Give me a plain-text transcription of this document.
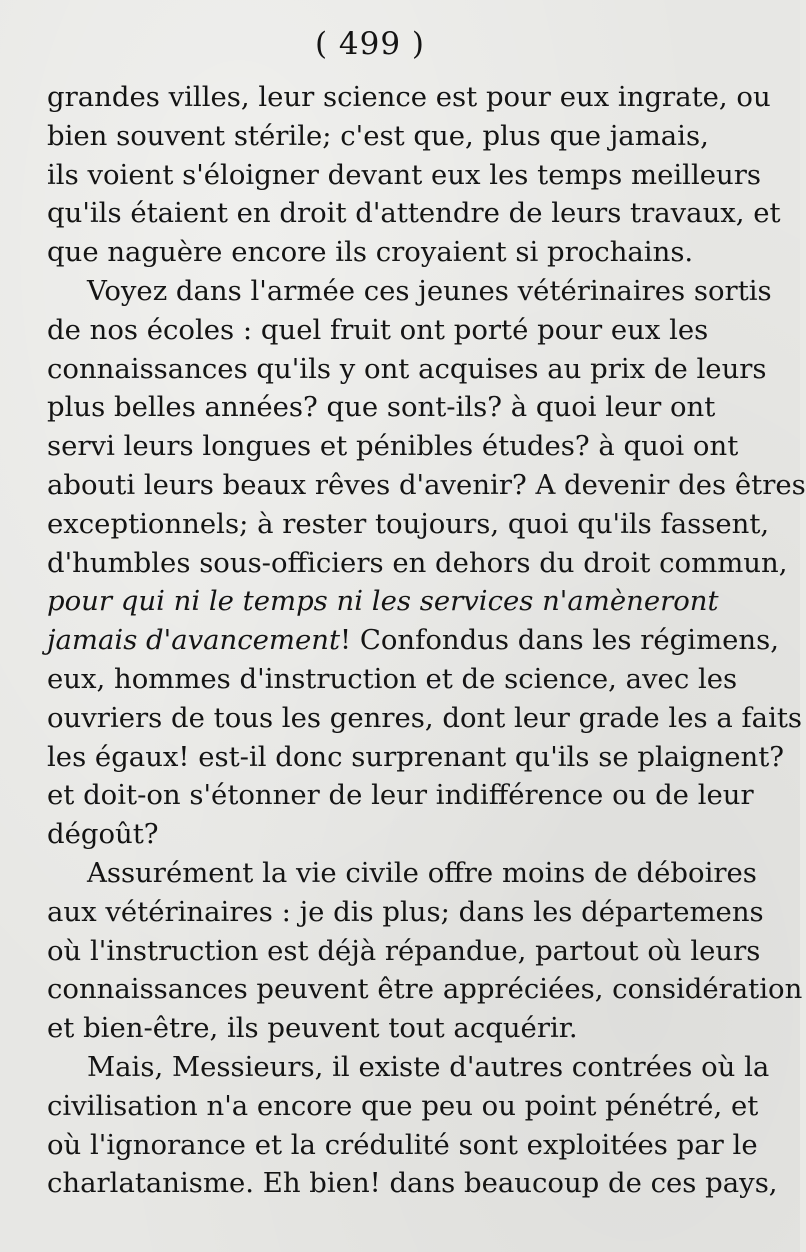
( 499 )
grandes villes, leur science est pour eux ingrate, ou
bien souvent stérile; c'est que, plus que jamais,
ils voient s'éloigner devant eux les temps meilleurs
qu'ils étaient en droit d'attendre de leurs travaux, et
que naguère encore ils croyaient si prochains.
Voyez dans l'armée ces jeunes vétérinaires sortis
de nos écoles : quel fruit ont porté pour eux les
connaissances qu'ils y ont acquises au prix de leurs
plus belles années? que sont-ils? à quoi leur ont
servi leurs longues et pénibles études? à quoi ont
abouti leurs beaux rêves d'avenir? A devenir des êtres
exceptionnels; à rester toujours, quoi qu'ils fassent,
d'humbles sous-officiers en dehors du droit commun,
pour qui ni le temps ni les services n'amèneront
jamais d'avancement! Confondus dans les régimens,
eux, hommes d'instruction et de science, avec les
ouvriers de tous les genres, dont leur grade les a faits
les égaux! est-il donc surprenant qu'ils se plaignent?
et doit-on s'étonner de leur indifférence ou de leur
dégoût?
Assurément la vie civile offre moins de déboires
aux vétérinaires : je dis plus; dans les départemens
où l'instruction est déjà répandue, partout où leurs
connaissances peuvent être appréciées, considération
et bien-être, ils peuvent tout acquérir.
Mais, Messieurs, il existe d'autres contrées où la
civilisation n'a encore que peu ou point pénétré, et
où l'ignorance et la crédulité sont exploitées par le
charlatanisme. Eh bien! dans beaucoup de ces pays,
